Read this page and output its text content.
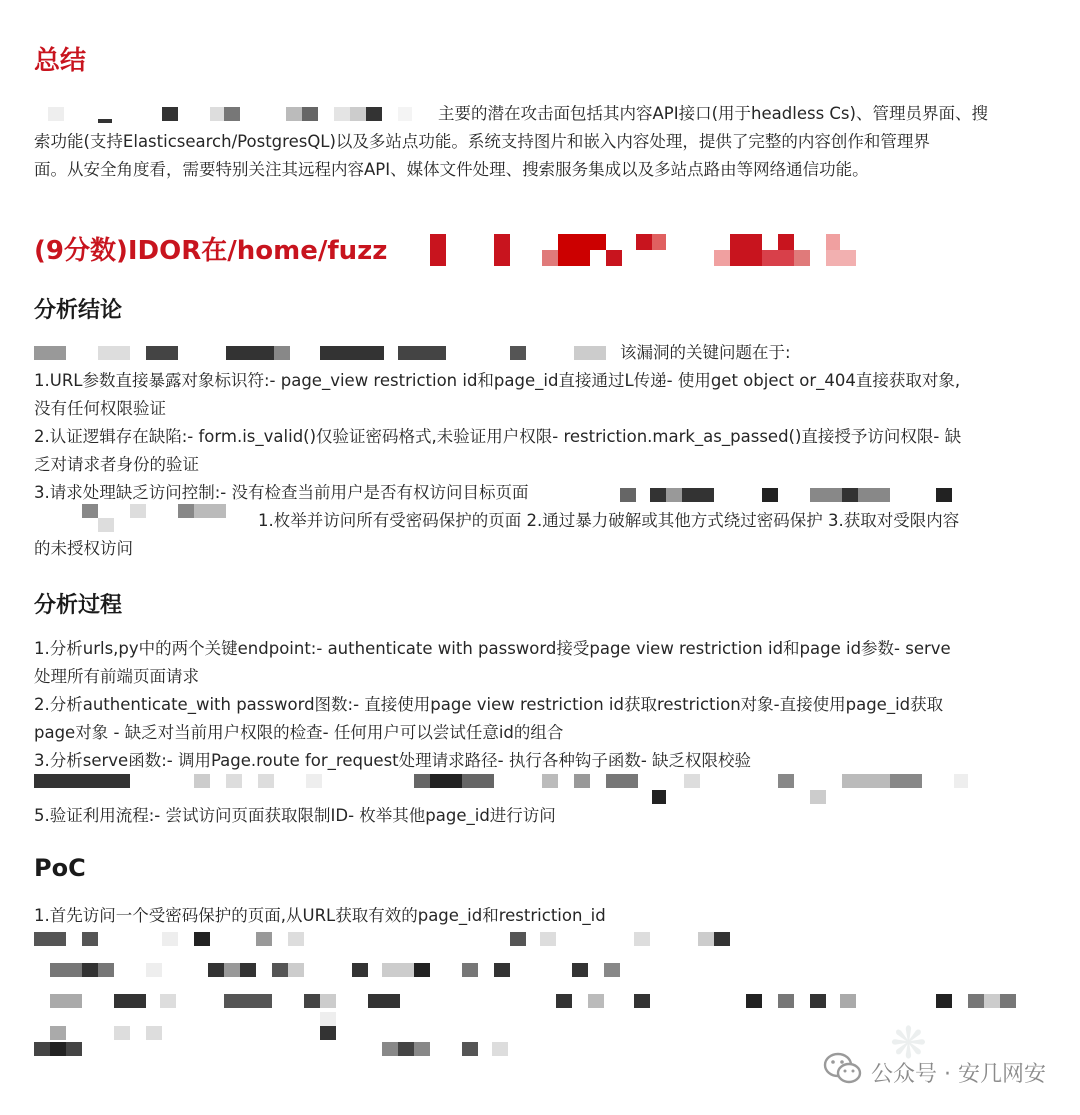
总结
主要的潜在攻击面包括其内容API接口(用于headless Cs)、管理员界面、搜
索功能(支持Elasticsearch/PostgresQL)以及多站点功能。系统支持图片和嵌入内容处理，提供了完整的内容创作和管理界
面。从安全角度看，需要特别关注其远程内容API、媒体文件处理、搜索服务集成以及多站点路由等网络通信功能。
(9分数)IDOR在/home/fuzz
分析结论
该漏洞的关键问题在于:
1.URL参数直接暴露对象标识符:- page_view restriction id和page_id直接通过L传递- 使用get object or_404直接获取对象,
没有任何权限验证
2.认证逻辑存在缺陷:- form.is_valid()仅验证密码格式,未验证用户权限- restriction.mark_as_passed()直接授予访问权限- 缺
乏对请求者身份的验证
3.请求处理缺乏访问控制:- 没有检查当前用户是否有权访问目标页面
1.枚举并访问所有受密码保护的页面 2.通过暴力破解或其他方式绕过密码保护 3.获取对受限内容
的未授权访问
分析过程
1.分析urls,py中的两个关键endpoint:- authenticate with password接受page view restriction id和page id参数- serve
处理所有前端页面请求
2.分析authenticate_with password图数:- 直接使用page view restriction id获取restriction对象-直接使用page_id获取
page对象 - 缺乏对当前用户权限的检查- 任何用户可以尝试任意id的组合
3.分析serve函数:- 调用Page.route for_request处理请求路径- 执行各种钩子函数- 缺乏权限校验
5.验证利用流程:- 尝试访问页面获取限制ID- 枚举其他page_id进行访问
PoC
1.首先访问一个受密码保护的页面,从URL获取有效的page_id和restriction_id
❋
公众号 · 安几网安
